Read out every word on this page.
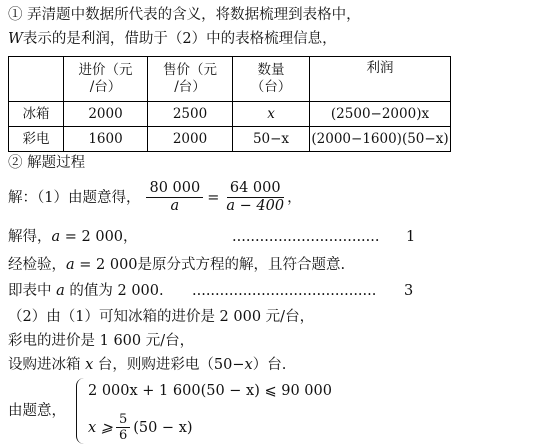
① 弄清题中数据所代表的含义，将数据梳理到表格中，
W表示的是利润，借助于（2）中的表格梳理信息，
	进价（元
/台）	售价（元
/台）	数量
（台）	利润
冰箱	2000	2500	x	(2500−2000)x
彩电	1600	2000	50−x	(2000−1600)(50−x)
② 解题过程
解：（1）由题意得， $\frac{80 000}{a} = \frac{64 000}{a - 400}$ ，
解得，a = 2 000，	................................ 1
经检验，a = 2 000是原分式方程的解，且符合题意.
即表中 a 的值为 2 000. ........................................ 3
（2）由（1）可知冰箱的进价是 2 000 元/台，
彩电的进价是 1 600 元/台，
设购进冰箱 x 台，则购进彩电（50−x）台.
由题意，
2 000x + 1 600(50 − x) ⩽ 90 000
x ⩾ $\frac{5}{6} (50 - x)$
